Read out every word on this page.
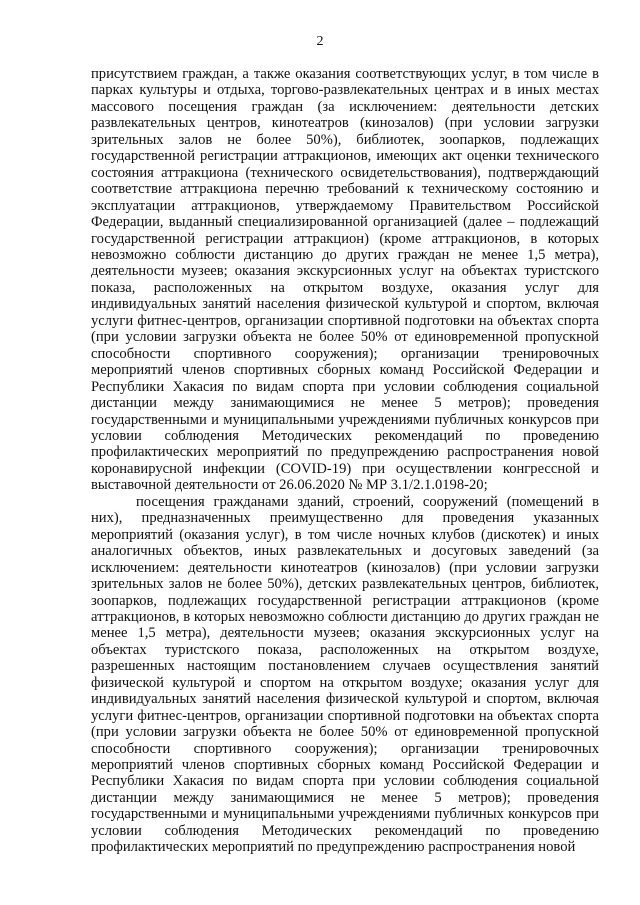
2

присутствием граждан, а также оказания соответствующих услуг, в том числе в парках культуры и отдыха, торгово-развлекательных центрах и в иных местах массового посещения граждан (за исключением: деятельности детских развлекательных центров, кинотеатров (кинозалов) (при условии загрузки зрительных залов не более 50%), библиотек, зоопарков, подлежащих государственной регистрации аттракционов, имеющих акт оценки технического состояния аттракциона (технического освидетельствования), подтверждающий соответствие аттракциона перечню требований к техническому состоянию и эксплуатации аттракционов, утверждаемому Правительством Российской Федерации, выданный специализированной организацией (далее – подлежащий государственной регистрации аттракцион) (кроме аттракционов, в которых невозможно соблюсти дистанцию до других граждан не менее 1,5 метра), деятельности музеев; оказания экскурсионных услуг на объектах туристского показа, расположенных на открытом воздухе, оказания услуг для индивидуальных занятий населения физической культурой и спортом, включая услуги фитнес-центров, организации спортивной подготовки на объектах спорта (при условии загрузки объекта не более 50% от единовременной пропускной способности спортивного сооружения); организации тренировочных мероприятий членов спортивных сборных команд Российской Федерации и Республики Хакасия по видам спорта при условии соблюдения социальной дистанции между занимающимися не менее 5 метров); проведения государственными и муниципальными учреждениями публичных конкурсов при условии соблюдения Методических рекомендаций по проведению профилактических мероприятий по предупреждению распространения новой коронавирусной инфекции (COVID-19) при осуществлении конгрессной и выставочной деятельности от 26.06.2020 № МР 3.1/2.1.0198-20;

посещения гражданами зданий, строений, сооружений (помещений в них), предназначенных преимущественно для проведения указанных мероприятий (оказания услуг), в том числе ночных клубов (дискотек) и иных аналогичных объектов, иных развлекательных и досуговых заведений (за исключением: деятельности кинотеатров (кинозалов) (при условии загрузки зрительных залов не более 50%), детских развлекательных центров, библиотек, зоопарков, подлежащих государственной регистрации аттракционов (кроме аттракционов, в которых невозможно соблюсти дистанцию до других граждан не менее 1,5 метра), деятельности музеев; оказания экскурсионных услуг на объектах туристского показа, расположенных на открытом воздухе, разрешенных настоящим постановлением случаев осуществления занятий физической культурой и спортом на открытом воздухе; оказания услуг для индивидуальных занятий населения физической культурой и спортом, включая услуги фитнес-центров, организации спортивной подготовки на объектах спорта (при условии загрузки объекта не более 50% от единовременной пропускной способности спортивного сооружения); организации тренировочных мероприятий членов спортивных сборных команд Российской Федерации и Республики Хакасия по видам спорта при условии соблюдения социальной дистанции между занимающимися не менее 5 метров); проведения государственными и муниципальными учреждениями публичных конкурсов при условии соблюдения Методических рекомендаций по проведению профилактических мероприятий по предупреждению распространения новой
